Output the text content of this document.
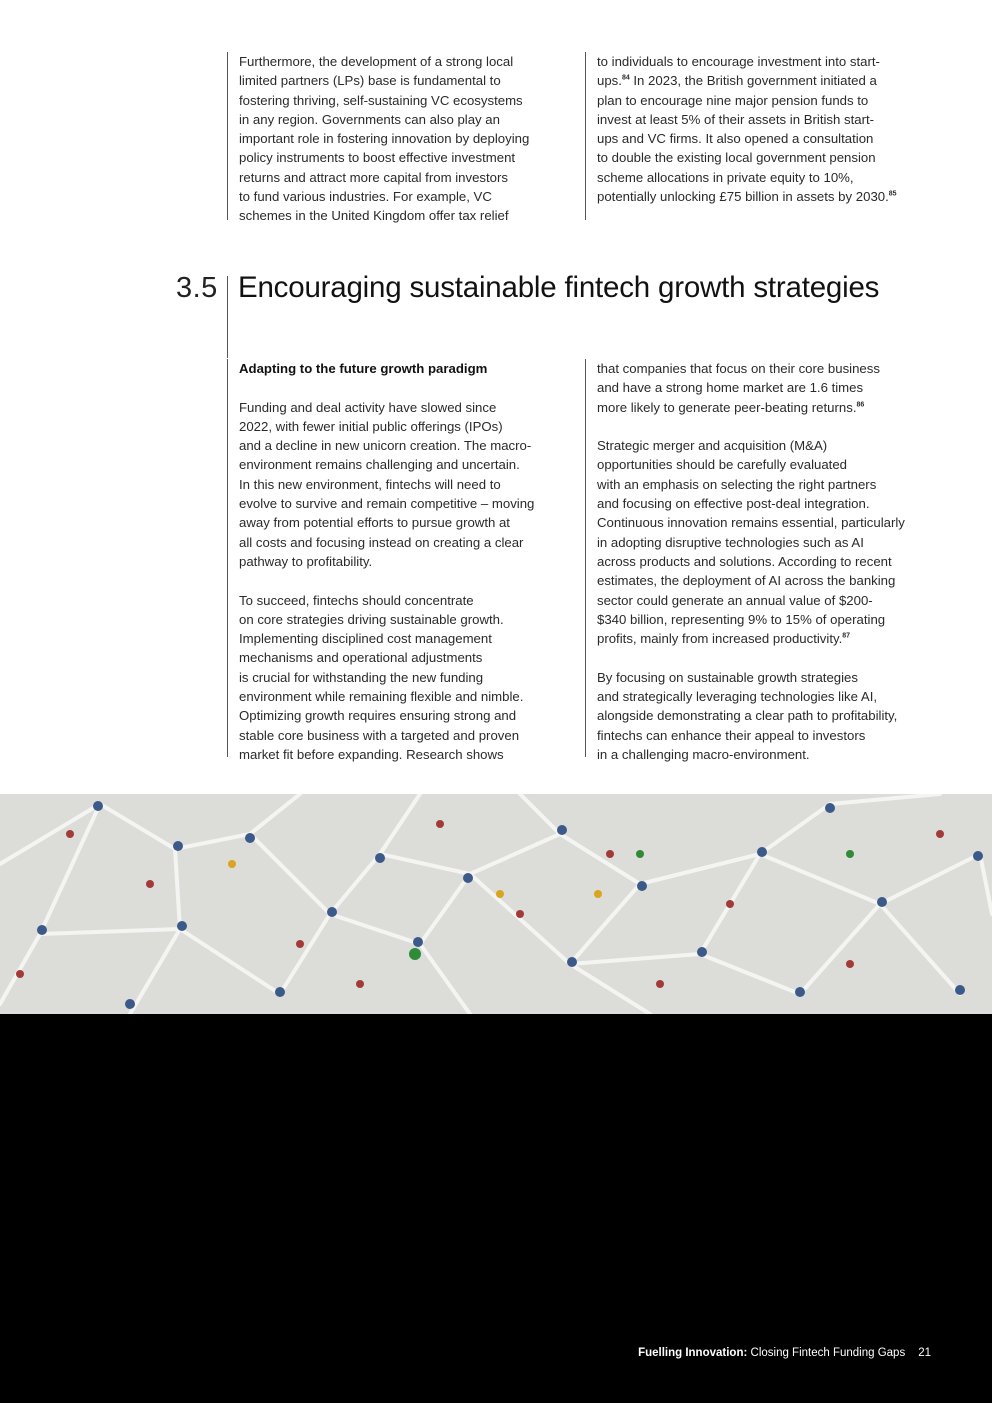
Furthermore, the development of a strong local
limited partners (LPs) base is fundamental to
fostering thriving, self-sustaining VC ecosystems
in any region. Governments can also play an
important role in fostering innovation by deploying
policy instruments to boost effective investment
returns and attract more capital from investors
to fund various industries. For example, VC
schemes in the United Kingdom offer tax relief

to individuals to encourage investment into start-
ups.$^{84}$ In 2023, the British government initiated a
plan to encourage nine major pension funds to
invest at least 5% of their assets in British start-
ups and VC firms. It also opened a consultation
to double the existing local government pension
scheme allocations in private equity to 10%,
potentially unlocking £75 billion in assets by 2030.85

3.5 Encouraging sustainable fintech growth strategies

Adapting to the future growth paradigm

Funding and deal activity have slowed since
2022, with fewer initial public offerings (IPOs)
and a decline in new unicorn creation. The macro-
environment remains challenging and uncertain.
In this new environment, fintechs will need to
evolve to survive and remain competitive – moving
away from potential efforts to pursue growth at
all costs and focusing instead on creating a clear
pathway to profitability.

To succeed, fintechs should concentrate
on core strategies driving sustainable growth.
Implementing disciplined cost management
mechanisms and operational adjustments
is crucial for withstanding the new funding
environment while remaining flexible and nimble.
Optimizing growth requires ensuring strong and
stable core business with a targeted and proven
market fit before expanding. Research shows

that companies that focus on their core business
and have a strong home market are 1.6 times
more likely to generate peer-beating returns.$^{86}$

Strategic merger and acquisition (M&A)
opportunities should be carefully evaluated
with an emphasis on selecting the right partners
and focusing on effective post-deal integration.
Continuous innovation remains essential, particularly
in adopting disruptive technologies such as AI
across products and solutions. According to recent
estimates, the deployment of AI across the banking
sector could generate an annual value of $200-
$340 billion, representing 9% to 15% of operating
profits, mainly from increased productivity.$^{87}$

By focusing on sustainable growth strategies
and strategically leveraging technologies like AI,
alongside demonstrating a clear path to profitability,
fintechs can enhance their appeal to investors
in a challenging macro-environment.

Fuelling Innovation: Closing Fintech Funding Gaps 21
